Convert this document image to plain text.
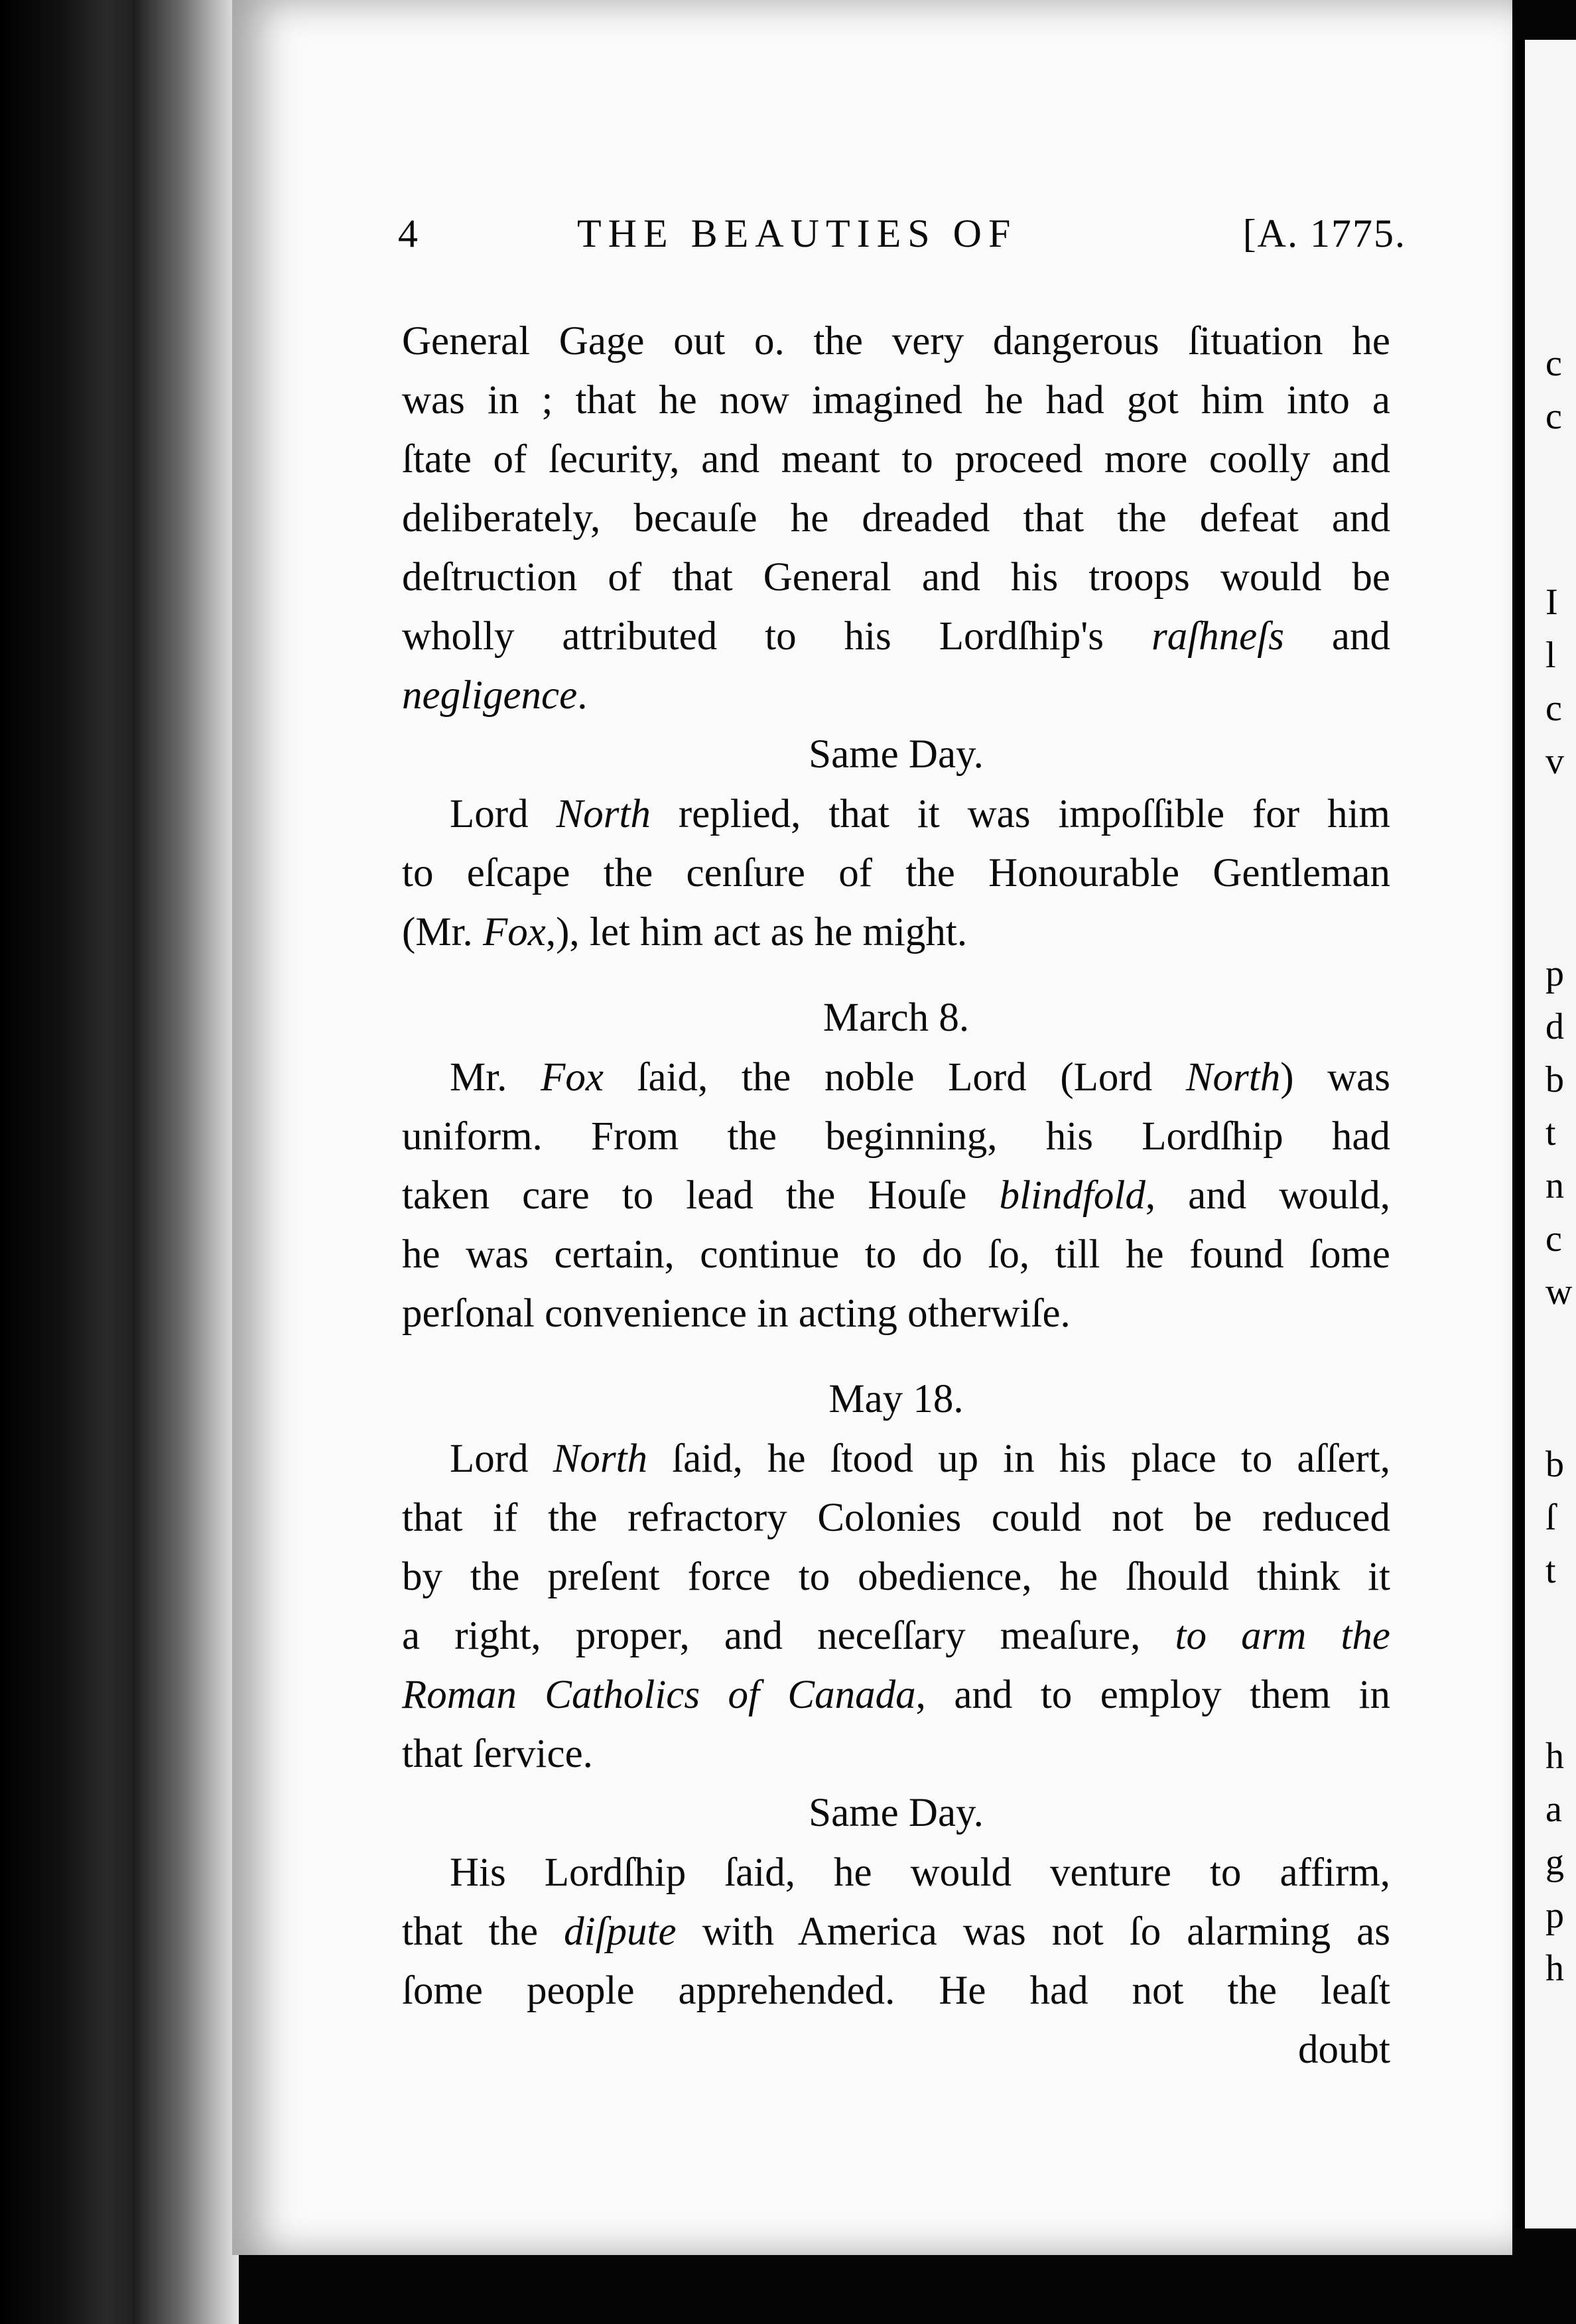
c
c
I
l
c
v
p
d
b
t
n
c
w
b
ſ
t
h
a
g
p
h
4	THE BEAUTIES OF	[A. 1775.
General Gage out o. the very dangerous ſituation he
was in ; that he now imagined he had got him into a
ſtate of ſecurity, and meant to proceed more coolly and
deliberately, becauſe he dreaded that the defeat and
deſtruction of that General and his troops would be
wholly attributed to his Lordſhip's raſhneſs and
negligence.
Same Day.
Lord North replied, that it was impoſſible for him
to eſcape the cenſure of the Honourable Gentleman
(Mr. Fox,), let him act as he might.
March 8.
Mr. Fox ſaid, the noble Lord (Lord North) was
uniform. From the beginning, his Lordſhip had
taken care to lead the Houſe blindfold, and would,
he was certain, continue to do ſo, till he found ſome
perſonal convenience in acting otherwiſe.
May 18.
Lord North ſaid, he ſtood up in his place to aſſert,
that if the refractory Colonies could not be reduced
by the preſent force to obedience, he ſhould think it
a right, proper, and neceſſary meaſure, to arm the
Roman Catholics of Canada, and to employ them in
that ſervice.
Same Day.
His Lordſhip ſaid, he would venture to affirm,
that the diſpute with America was not ſo alarming as
ſome people apprehended. He had not the leaſt
doubt
